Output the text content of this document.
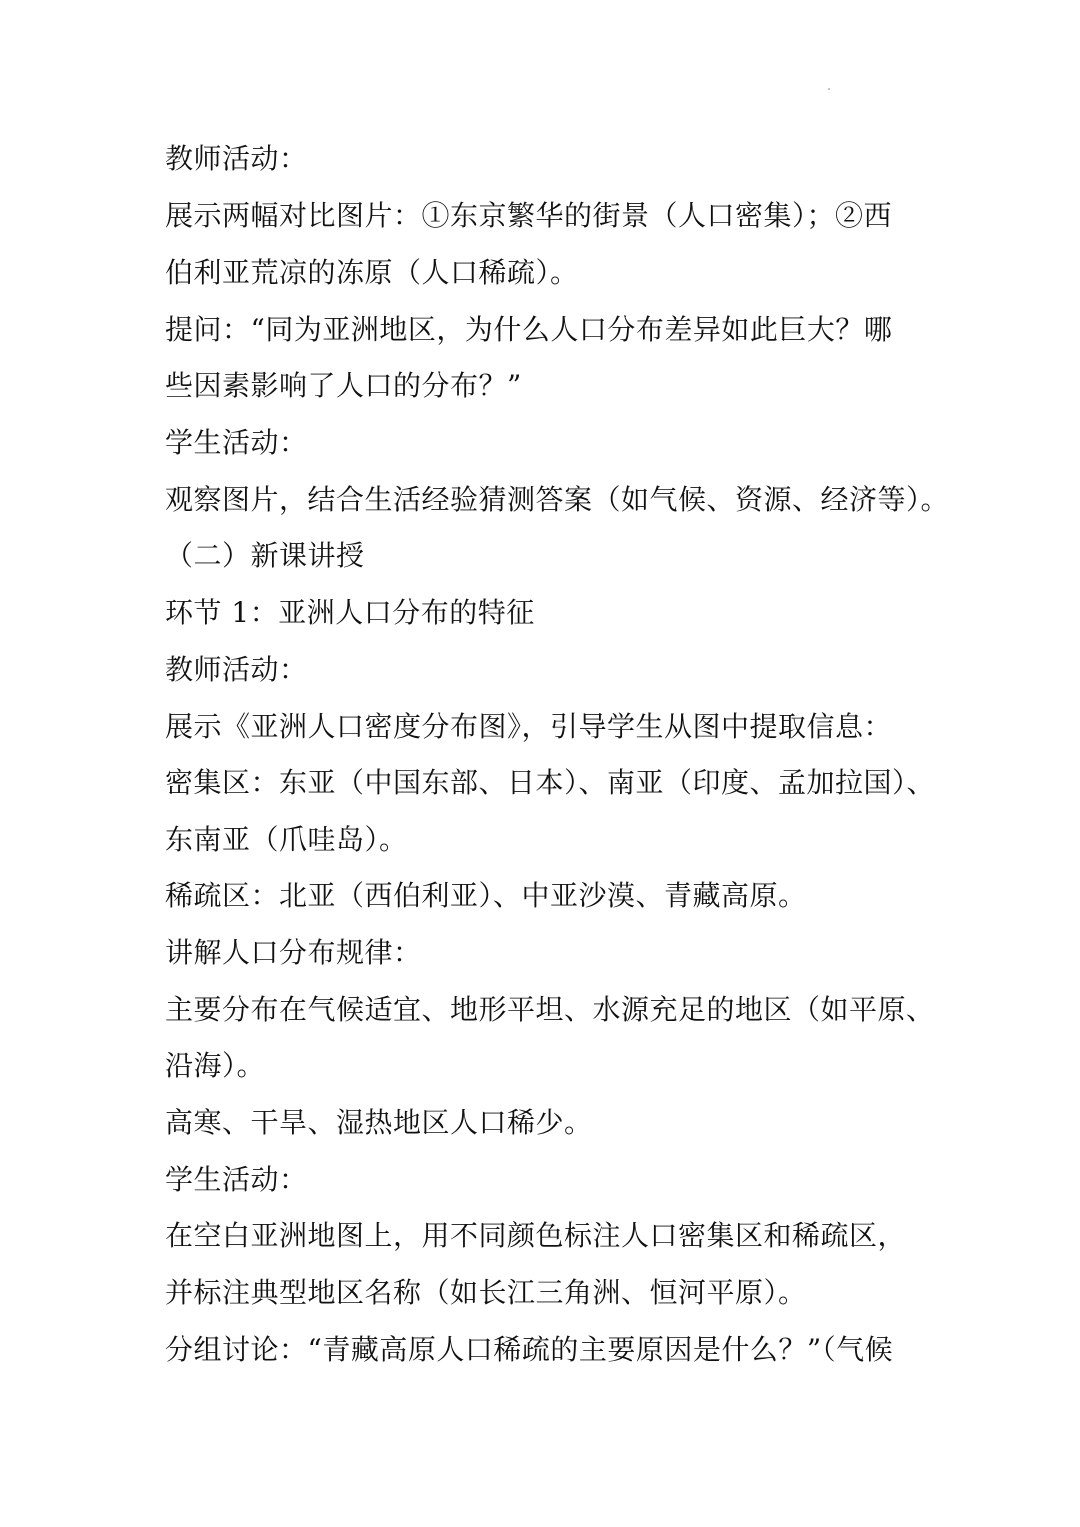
教师活动：
展示两幅对比图片：①东京繁华的街景（人口密集）；②西
伯利亚荒凉的冻原（人口稀疏）。
提问：“同为亚洲地区，为什么人口分布差异如此巨大？哪
些因素影响了人口的分布？”
学生活动：
观察图片，结合生活经验猜测答案（如气候、资源、经济等）。
（二）新课讲授
环节 1：亚洲人口分布的特征
教师活动：
展示《亚洲人口密度分布图》，引导学生从图中提取信息：
密集区：东亚（中国东部、日本）、南亚（印度、孟加拉国）、
东南亚（爪哇岛）。
稀疏区：北亚（西伯利亚）、中亚沙漠、青藏高原。
讲解人口分布规律：
主要分布在气候适宜、地形平坦、水源充足的地区（如平原、
沿海）。
高寒、干旱、湿热地区人口稀少。
学生活动：
在空白亚洲地图上，用不同颜色标注人口密集区和稀疏区，
并标注典型地区名称（如长江三角洲、恒河平原）。
分组讨论：“青藏高原人口稀疏的主要原因是什么？”（气候
